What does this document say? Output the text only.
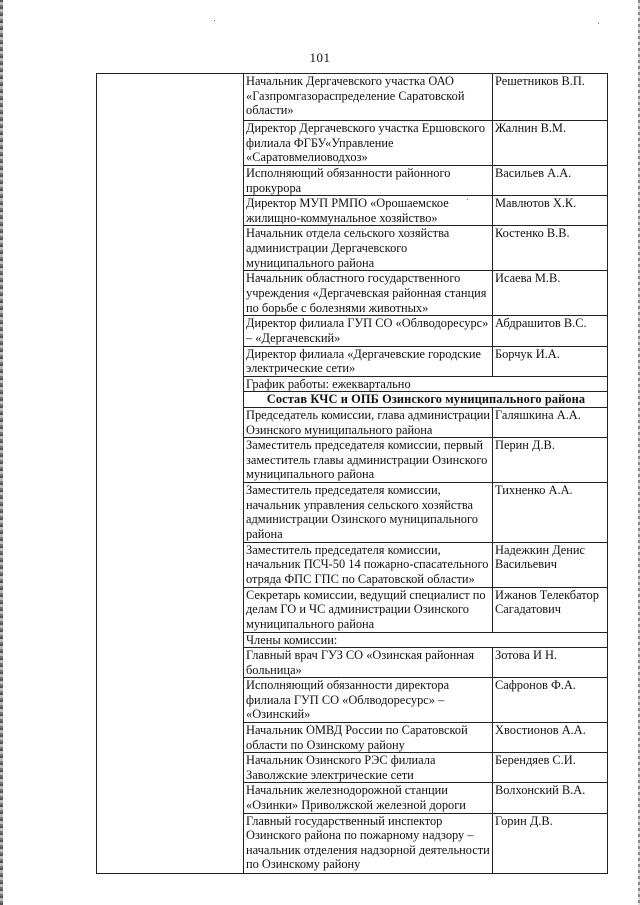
101
	Начальник Дергачевского участка ОАО «Газпромгазораспределение Саратовской области»	Решетников В.П.
	Директор Дергачевского участка Ершовского филиала ФГБУ«Управление «Саратовмелиоводхоз»	Жалнин В.М.
	Исполняющий обязанности районного прокурора	Васильев А.А.
	Директор МУП РМПО «Орошаемское жилищно-коммунальное хозяйство»	Мавлютов Х.К.
	Начальник отдела сельского хозяйства администрации Дергачевского муниципального района	Костенко В.В.
	Начальник областного государственного учреждения «Дергачевская районная станция по борьбе с болезнями животных»	Исаева М.В.
	Директор филиала ГУП СО «Облводоресурс» – «Дергачевский»	Абдрашитов В.С.
	Директор филиала «Дергачевские городские электрические сети»	Борчук И.А.
	График работы: ежеквартально	
	Состав КЧС и ОПБ Озинского муниципального района	
	Председатель комиссии, глава администрации Озинского муниципального района	Галяшкина А.А.
	Заместитель председателя комиссии, первый заместитель главы администрации Озинского муниципального района	Перин Д.В.
	Заместитель председателя комиссии, начальник управления сельского хозяйства администрации Озинского муниципального района	Тихненко А.А.
	Заместитель председателя комиссии, начальник ПСЧ-50 14 пожарно-спасательного отряда ФПС ГПС по Саратовской области»	Надежкин Денис Васильевич
	Секретарь комиссии, ведущий специалист по делам ГО и ЧС администрации Озинского муниципального района	Ижанов Телекбатор Сагадатович
	Члены комиссии:	
	Главный врач ГУЗ СО «Озинская районная больница»	Зотова И Н.
	Исполняющий обязанности директора филиала ГУП СО «Облводоресурс» – «Озинский»	Сафронов Ф.А.
	Начальник ОМВД России по Саратовской области по Озинскому району	Хвостионов А.А.
	Начальник Озинского РЭС филиала Заволжские электрические сети	Берендяев С.И.
	Начальник железнодорожной станции «Озинки» Приволжской железной дороги	Волхонский В.А.
	Главный государственный инспектор Озинского района по пожарному надзору – начальник отделения надзорной деятельности по Озинскому району	Горин Д.В.
